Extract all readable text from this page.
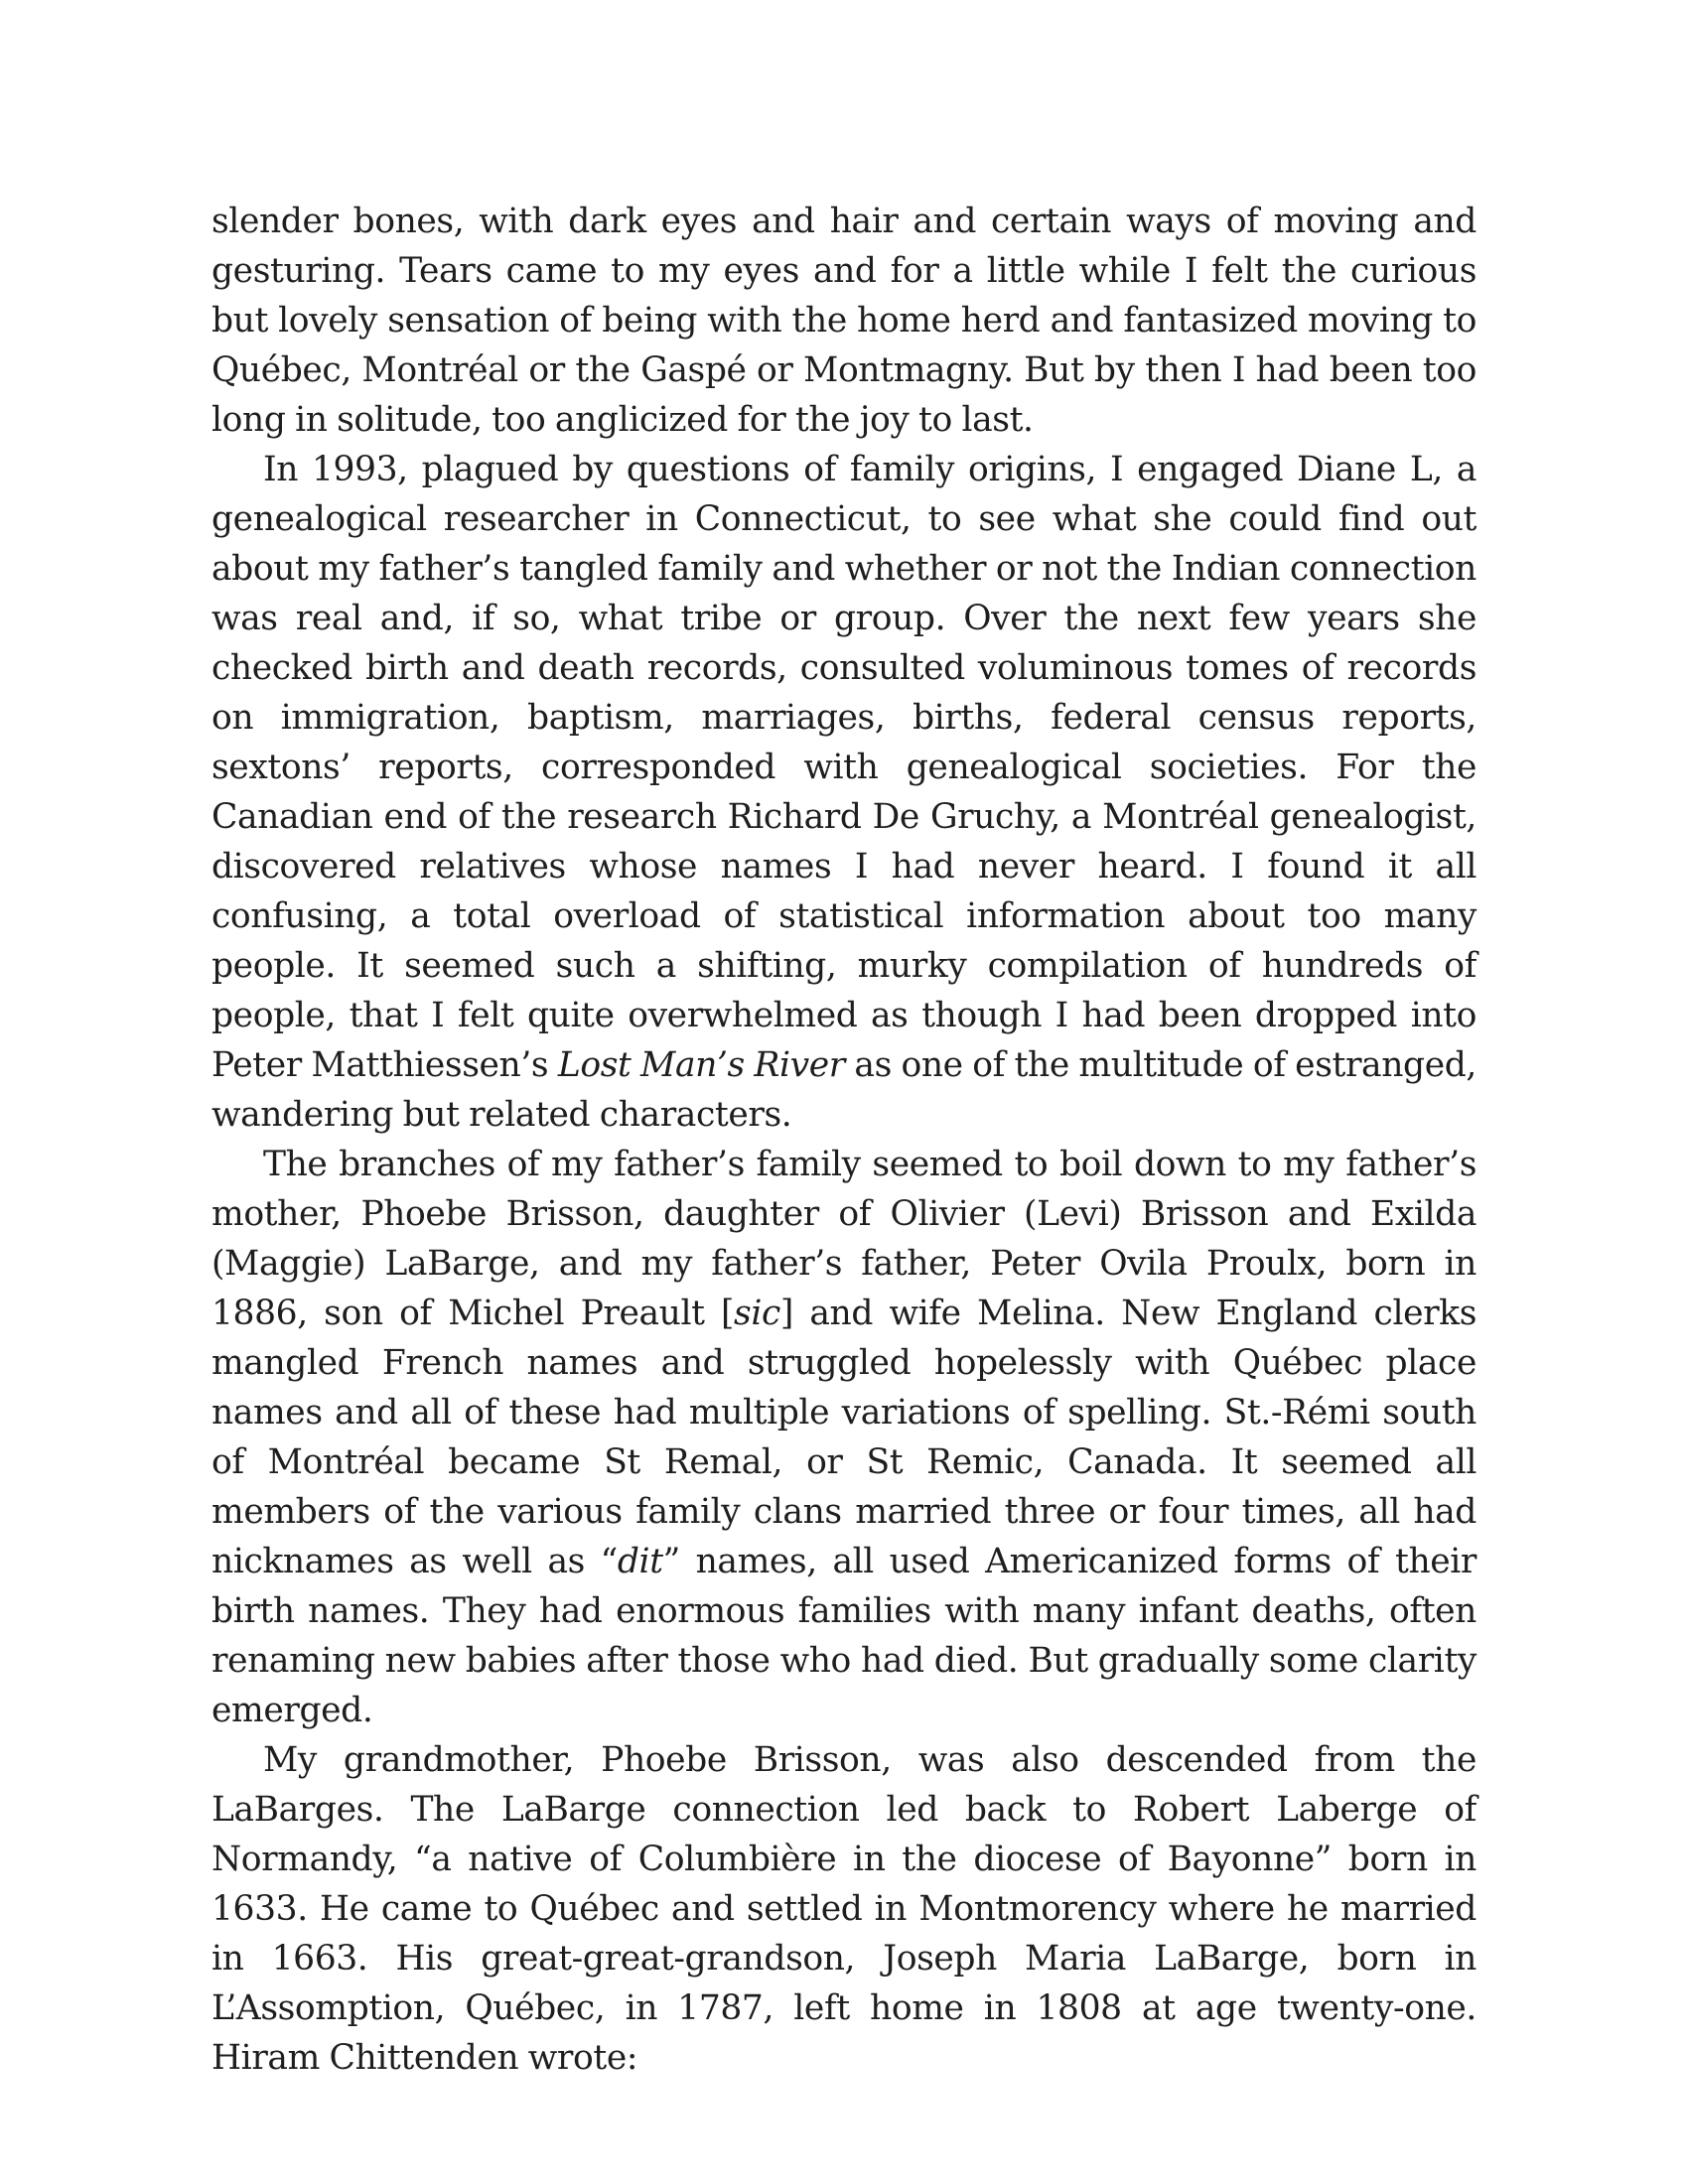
slender bones, with dark eyes and hair and certain ways of moving and gesturing. Tears came to my eyes and for a little while I felt the curious but lovely sensation of being with the home herd and fantasized moving to Québec, Montréal or the Gaspé or Montmagny. But by then I had been too long in solitude, too anglicized for the joy to last.

In 1993, plagued by questions of family origins, I engaged Diane L, a genealogical researcher in Connecticut, to see what she could find out about my father’s tangled family and whether or not the Indian connection was real and, if so, what tribe or group. Over the next few years she checked birth and death records, consulted voluminous tomes of records on immigration, baptism, marriages, births, federal census reports, sextons’ reports, corresponded with genealogical societies. For the Canadian end of the research Richard De Gruchy, a Montréal genealogist, discovered relatives whose names I had never heard. I found it all confusing, a total overload of statistical information about too many people. It seemed such a shifting, murky compilation of hundreds of people, that I felt quite overwhelmed as though I had been dropped into Peter Matthiessen’s Lost Man’s River as one of the multitude of estranged, wandering but related characters.

The branches of my father’s family seemed to boil down to my father’s mother, Phoebe Brisson, daughter of Olivier (Levi) Brisson and Exilda (Maggie) LaBarge, and my father’s father, Peter Ovila Proulx, born in 1886, son of Michel Preault [sic] and wife Melina. New England clerks mangled French names and struggled hopelessly with Québec place names and all of these had multiple variations of spelling. St.-Rémi south of Montréal became St Remal, or St Remic, Canada. It seemed all members of the various family clans married three or four times, all had nicknames as well as “dit” names, all used Americanized forms of their birth names. They had enormous families with many infant deaths, often renaming new babies after those who had died. But gradually some clarity emerged.

My grandmother, Phoebe Brisson, was also descended from the LaBarges. The LaBarge connection led back to Robert Laberge of Normandy, “a native of Columbière in the diocese of Bayonne” born in 1633. He came to Québec and settled in Montmorency where he married in 1663. His great-great-grandson, Joseph Maria LaBarge, born in L’Assomption, Québec, in 1787, left home in 1808 at age twenty-one. Hiram Chittenden wrote:
